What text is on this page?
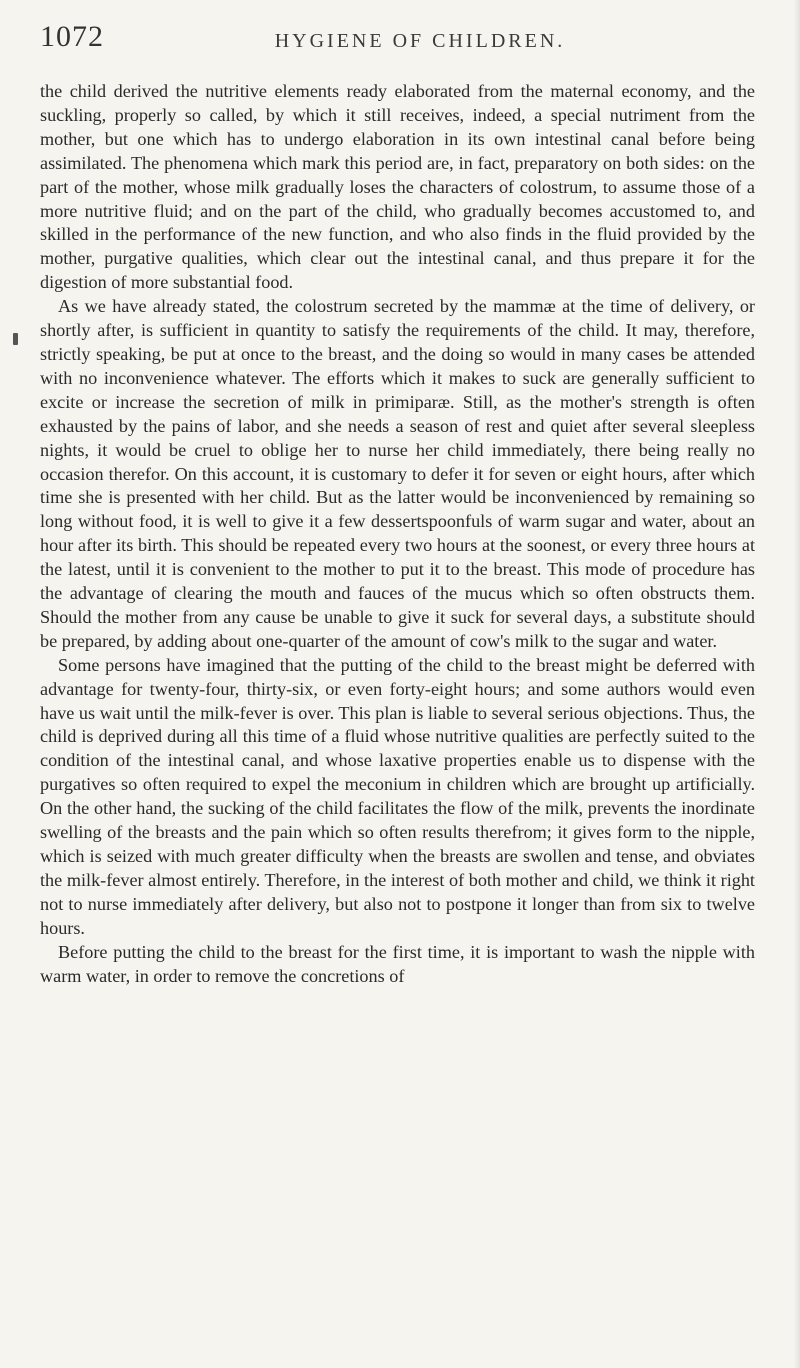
1072	HYGIENE OF CHILDREN.

the child derived the nutritive elements ready elaborated from the maternal economy, and the suckling, properly so called, by which it still receives, indeed, a special nutriment from the mother, but one which has to undergo elaboration in its own intestinal canal before being assimilated. The phenomena which mark this period are, in fact, preparatory on both sides: on the part of the mother, whose milk gradually loses the characters of colostrum, to assume those of a more nutritive fluid; and on the part of the child, who gradually becomes accustomed to, and skilled in the performance of the new function, and who also finds in the fluid provided by the mother, purgative qualities, which clear out the intestinal canal, and thus prepare it for the digestion of more substantial food.

As we have already stated, the colostrum secreted by the mammæ at the time of delivery, or shortly after, is sufficient in quantity to satisfy the requirements of the child. It may, therefore, strictly speaking, be put at once to the breast, and the doing so would in many cases be attended with no inconvenience whatever. The efforts which it makes to suck are generally sufficient to excite or increase the secretion of milk in primiparæ. Still, as the mother's strength is often exhausted by the pains of labor, and she needs a season of rest and quiet after several sleepless nights, it would be cruel to oblige her to nurse her child immediately, there being really no occasion therefor. On this account, it is customary to defer it for seven or eight hours, after which time she is presented with her child. But as the latter would be inconvenienced by remaining so long without food, it is well to give it a few dessertspoonfuls of warm sugar and water, about an hour after its birth. This should be repeated every two hours at the soonest, or every three hours at the latest, until it is convenient to the mother to put it to the breast. This mode of procedure has the advantage of clearing the mouth and fauces of the mucus which so often obstructs them. Should the mother from any cause be unable to give it suck for several days, a substitute should be prepared, by adding about one-quarter of the amount of cow's milk to the sugar and water.

Some persons have imagined that the putting of the child to the breast might be deferred with advantage for twenty-four, thirty-six, or even forty-eight hours; and some authors would even have us wait until the milk-fever is over. This plan is liable to several serious objections. Thus, the child is deprived during all this time of a fluid whose nutritive qualities are perfectly suited to the condition of the intestinal canal, and whose laxative properties enable us to dispense with the purgatives so often required to expel the meconium in children which are brought up artificially. On the other hand, the sucking of the child facilitates the flow of the milk, prevents the inordinate swelling of the breasts and the pain which so often results therefrom; it gives form to the nipple, which is seized with much greater difficulty when the breasts are swollen and tense, and obviates the milk-fever almost entirely. Therefore, in the interest of both mother and child, we think it right not to nurse immediately after delivery, but also not to postpone it longer than from six to twelve hours.

Before putting the child to the breast for the first time, it is important to wash the nipple with warm water, in order to remove the concretions of
